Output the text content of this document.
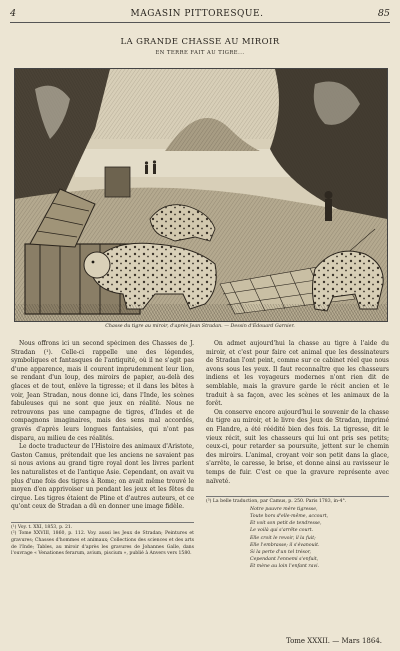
4	MAGASIN PITTORESQUE.	85
LA GRANDE CHASSE AU MIROIR
EN TERRE FAIT AU TIGRE...
Chasse du tigre au miroir, d'après Jean Stradan. — Dessin d'Édouard Garnier.

Nous offrons ici un second spécimen des Chasses de J. Stradan (¹). Celle-ci rappelle une des légendes, symboliques et fantasques de l'antiquité, où il ne s'agit pas d'une apparence, mais il courent imprudemment leur lion, se rendant d'un loup, des miroirs de papier, au-delà des glaces et de tout, enlève la tigresse; et il dans les bêtes à voir, Jean Stradan, nous donne ici, dans l'Inde, les scènes fabuleuses qui ne sont que jeux en réalité. Nous ne retrouvons pas une campagne de tigres, d'Indes et de compagnons imaginaires, mais des sens mal accordés, gravés d'après leurs longues fantaisies, qui n'ont pas disparu, au milieu de ces réalités.

Le docte traducteur de l'Histoire des animaux d'Aristote, Gaston Camus, prétendait que les anciens ne savaient pas si nous avions au grand tigre royal dont les livres parlent les naturalistes et de l'antique Asie. Cependant, on avait vu plus d'une fois des tigres à Rome; on avait même trouvé le moyen d'en apprivoiser un pendant les jeux et les fêtes du cirque. Les tigres étaient de Pline et d'autres auteurs, et ce qu'ont ceux de Stradan a dû en donner une image fidèle.

(¹) Voy. t. XXI, 1853, p. 21.
(²) Tome XXVIII, 1860, p. 112. Voy. aussi les Jeux de Stradan; Peintures et gravures; Chasses d'hommes et animaux; Collections des sciences et des arts de l'Inde; Tables, au miroir d'après les gravures de Johannes Galle, dans l'ouvrage « Venationes ferarum, avium, piscium », publié à Anvers vers 1580.

On admet aujourd'hui la chasse au tigre à l'aide du miroir, et c'est pour faire cet animal que les dessinateurs de Stradan l'ont peint, comme sur ce cabinet réel que nous avons sous les yeux. Il faut reconnaître que les chasseurs indiens et les voyageurs modernes n'ont rien dit de semblable, mais la gravure garde le récit ancien et le traduit à sa façon, avec les scènes et les animaux de la forêt.

On conserve encore aujourd'hui le souvenir de la chasse du tigre au miroir, et le livre des Jeux de Stradan, imprimé en Flandre, a été réédité bien des fois. La tigresse, dit le vieux récit, suit les chasseurs qui lui ont pris ses petits; ceux-ci, pour retarder sa poursuite, jettent sur le chemin des miroirs. L'animal, croyant voir son petit dans la glace, s'arrête, le caresse, le brise, et donne ainsi au ravisseur le temps de fuir. C'est ce que la gravure représente avec naïveté.

(³) La belle traduction, par Camus, p. 250. Paris 1783, in-4°.
Notre pauvre mère tigresse,
Toute hors d'elle-même, accourt,
Et voit son petit de tendresse,
Le voilà qui s'arrête court.
Elle croit le revoir, il la fuit;
Elle l'embrasse; il s'évanouit.
Si la perte d'un tel trésor,
Cependant l'ennemi s'enfuit,
Et mène au loin l'enfant ravi.
Tome XXXII. — Mars 1864.
